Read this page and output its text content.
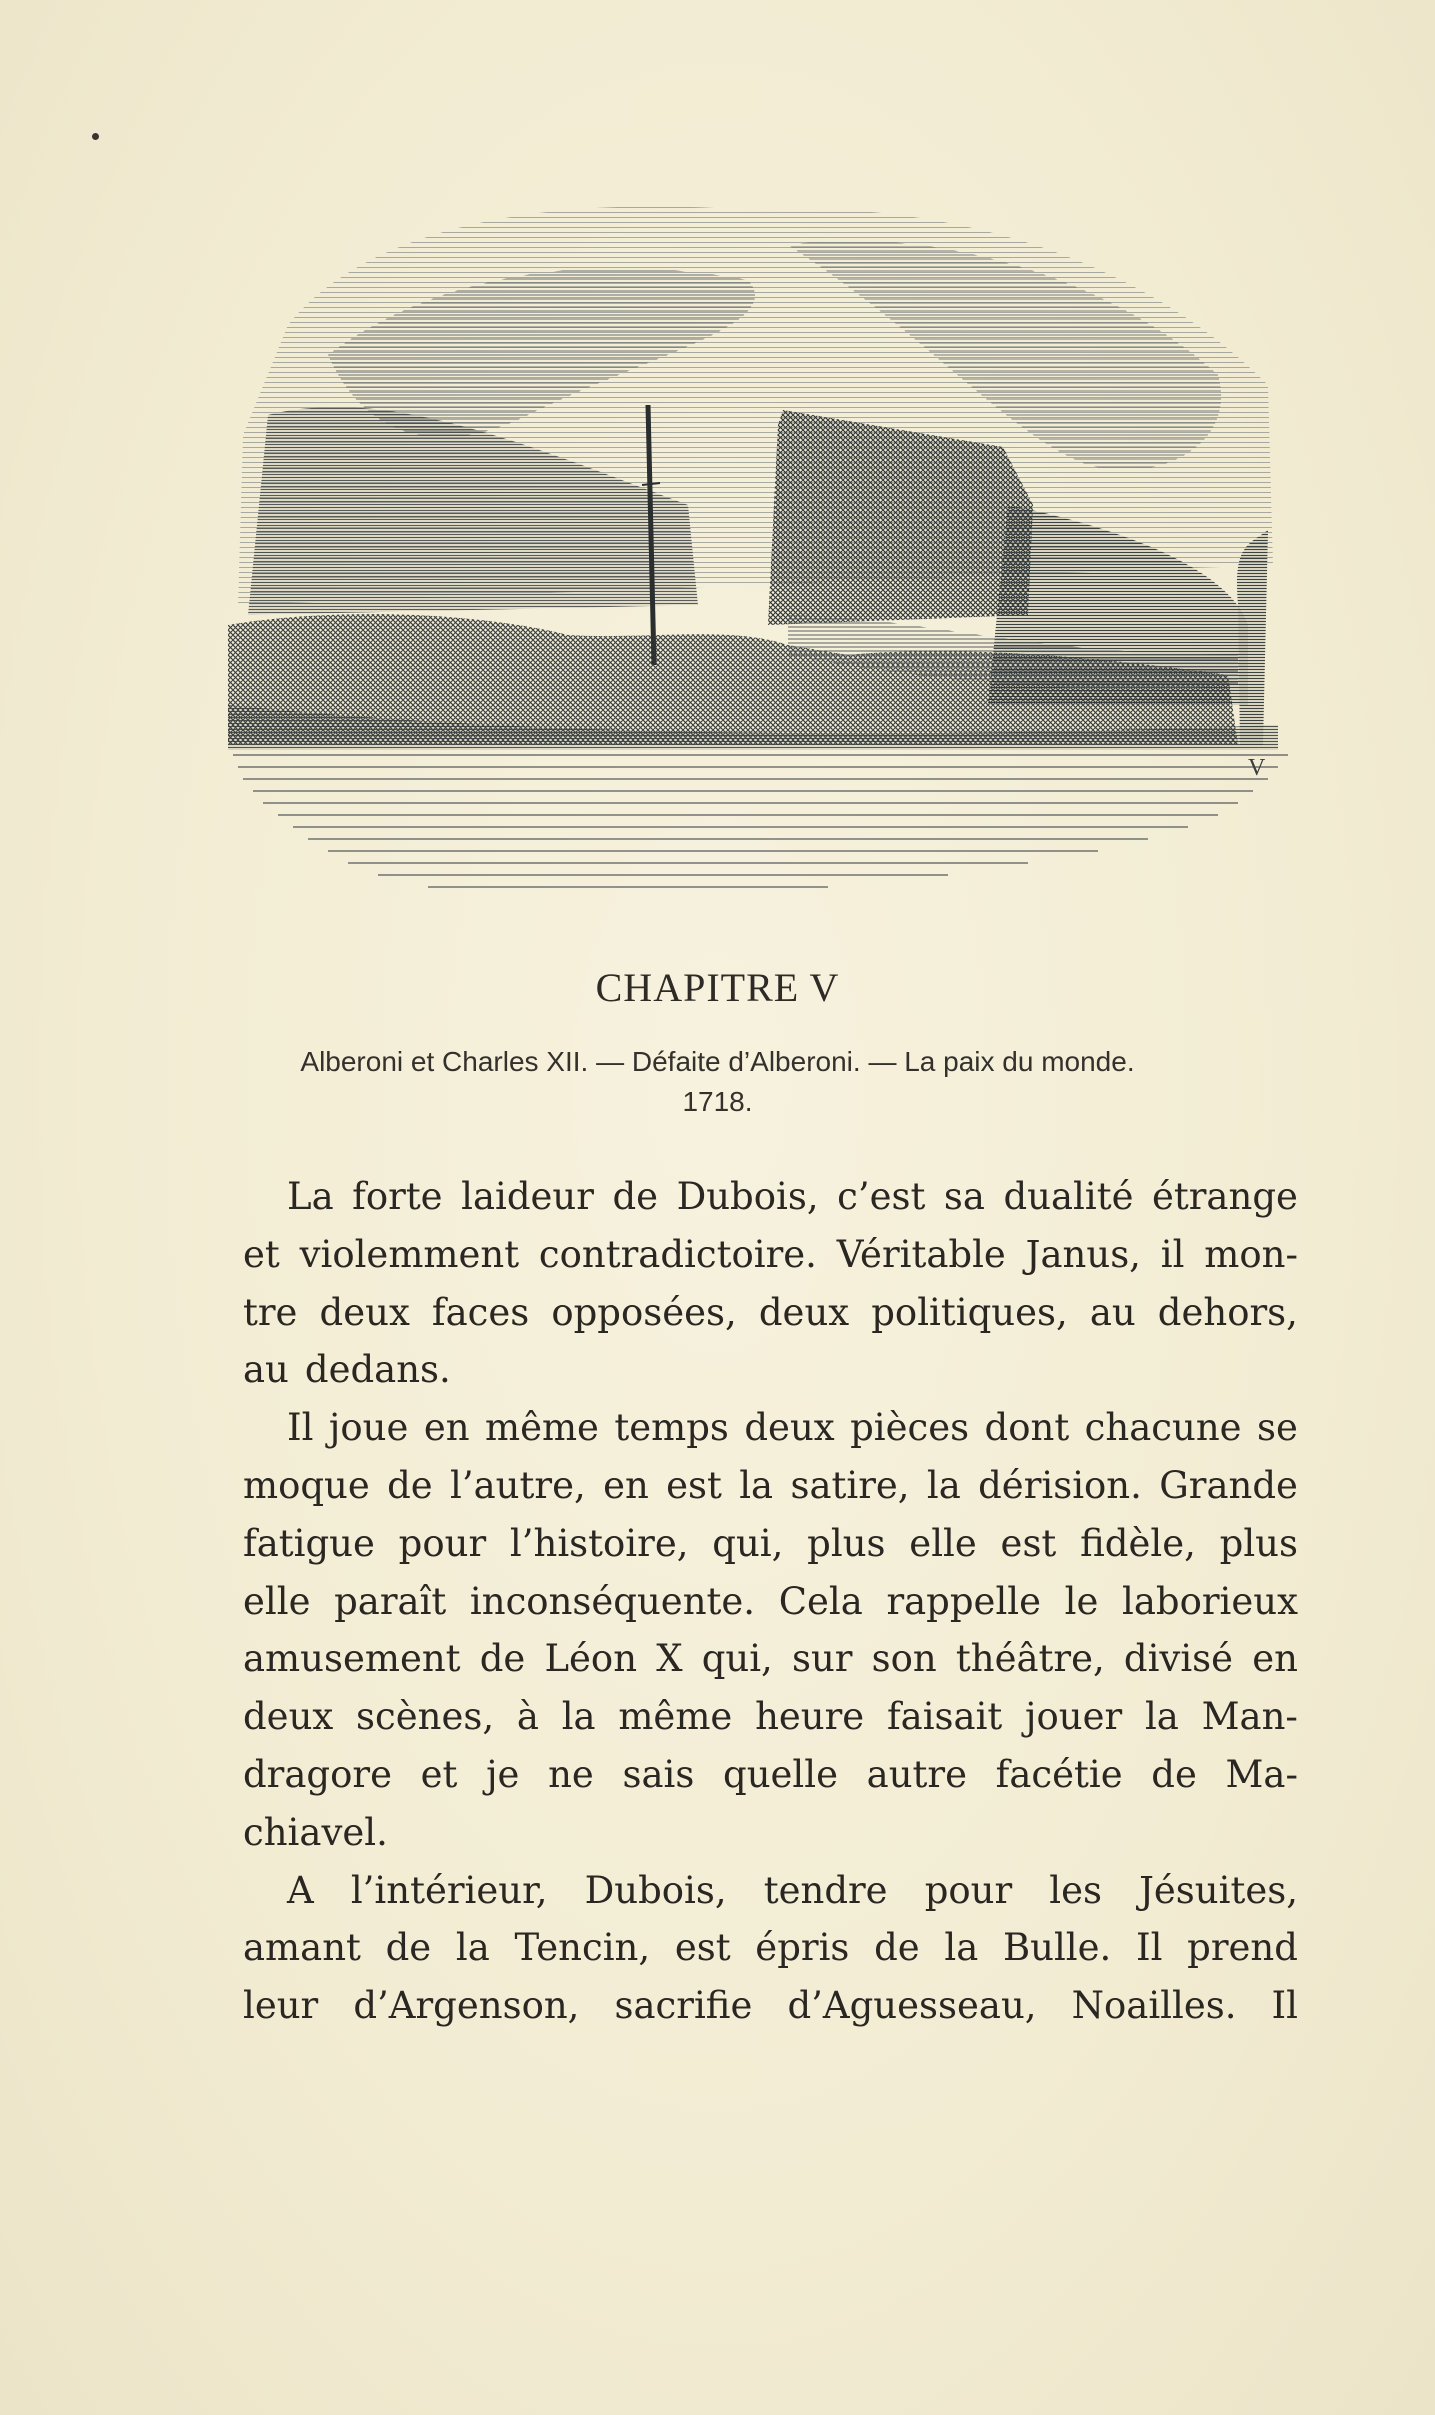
V
CHAPITRE V
Alberoni et Charles XII. — Défaite d’Alberoni. — La paix du monde.
1718.
La forte laideur de Dubois, c’est sa dualité étrange
et violemment contradictoire. Véritable Janus, il mon-
tre deux faces opposées, deux politiques, au dehors,
au dedans.
Il joue en même temps deux pièces dont chacune se
moque de l’autre, en est la satire, la dérision. Grande
fatigue pour l’histoire, qui, plus elle est fidèle, plus
elle paraît inconséquente. Cela rappelle le laborieux
amusement de Léon X qui, sur son théâtre, divisé en
deux scènes, à la même heure faisait jouer la Man-
dragore et je ne sais quelle autre facétie de Ma-
chiavel.
A l’intérieur, Dubois, tendre pour les Jésuites,
amant de la Tencin, est épris de la Bulle. Il prend
leur d’Argenson, sacrifie d’Aguesseau, Noailles. Il
